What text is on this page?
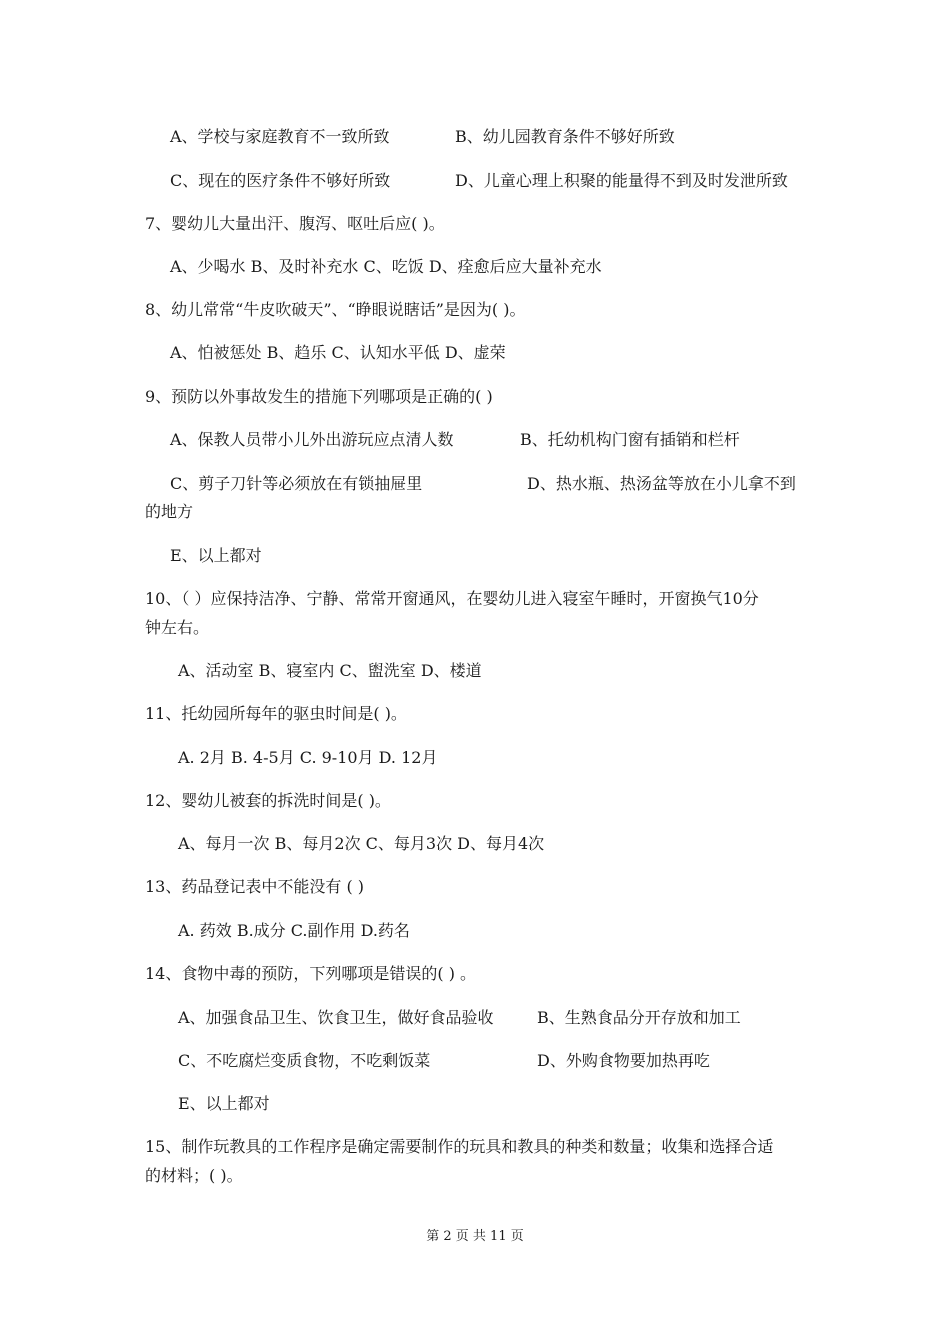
A、学校与家庭教育不一致所致	B、幼儿园教育条件不够好所致
C、现在的医疗条件不够好所致	D、儿童心理上积聚的能量得不到及时发泄所致
7、婴幼儿大量出汗、腹泻、呕吐后应( )。
A、少喝水 B、及时补充水 C、吃饭 D、痊愈后应大量补充水
8、幼儿常常“牛皮吹破天”、“睁眼说瞎话”是因为( )。
A、怕被惩处 B、趋乐 C、认知水平低 D、虚荣
9、预防以外事故发生的措施下列哪项是正确的( )
A、保教人员带小儿外出游玩应点清人数	B、托幼机构门窗有插销和栏杆
C、剪子刀针等必须放在有锁抽屉里	D、热水瓶、热汤盆等放在小儿拿不到
的地方
E、以上都对
10、（ ）应保持洁净、宁静、常常开窗通风，在婴幼儿进入寝室午睡时，开窗换气10分
钟左右。
A、活动室 B、寝室内 C、盥洗室 D、楼道
11、托幼园所每年的驱虫时间是( )。
A. 2月 B. 4-5月 C. 9-10月 D. 12月
12、婴幼儿被套的拆洗时间是( )。
A、每月一次 B、每月2次 C、每月3次 D、每月4次
13、药品登记表中不能没有 ( )
A. 药效 B.成分 C.副作用 D.药名
14、食物中毒的预防，下列哪项是错误的( ) 。
A、加强食品卫生、饮食卫生，做好食品验收	B、生熟食品分开存放和加工
C、不吃腐烂变质食物，不吃剩饭菜	D、外购食物要加热再吃
E、以上都对
15、制作玩教具的工作程序是确定需要制作的玩具和教具的种类和数量；收集和选择合适
的材料；( )。
第 2 页 共 11 页
